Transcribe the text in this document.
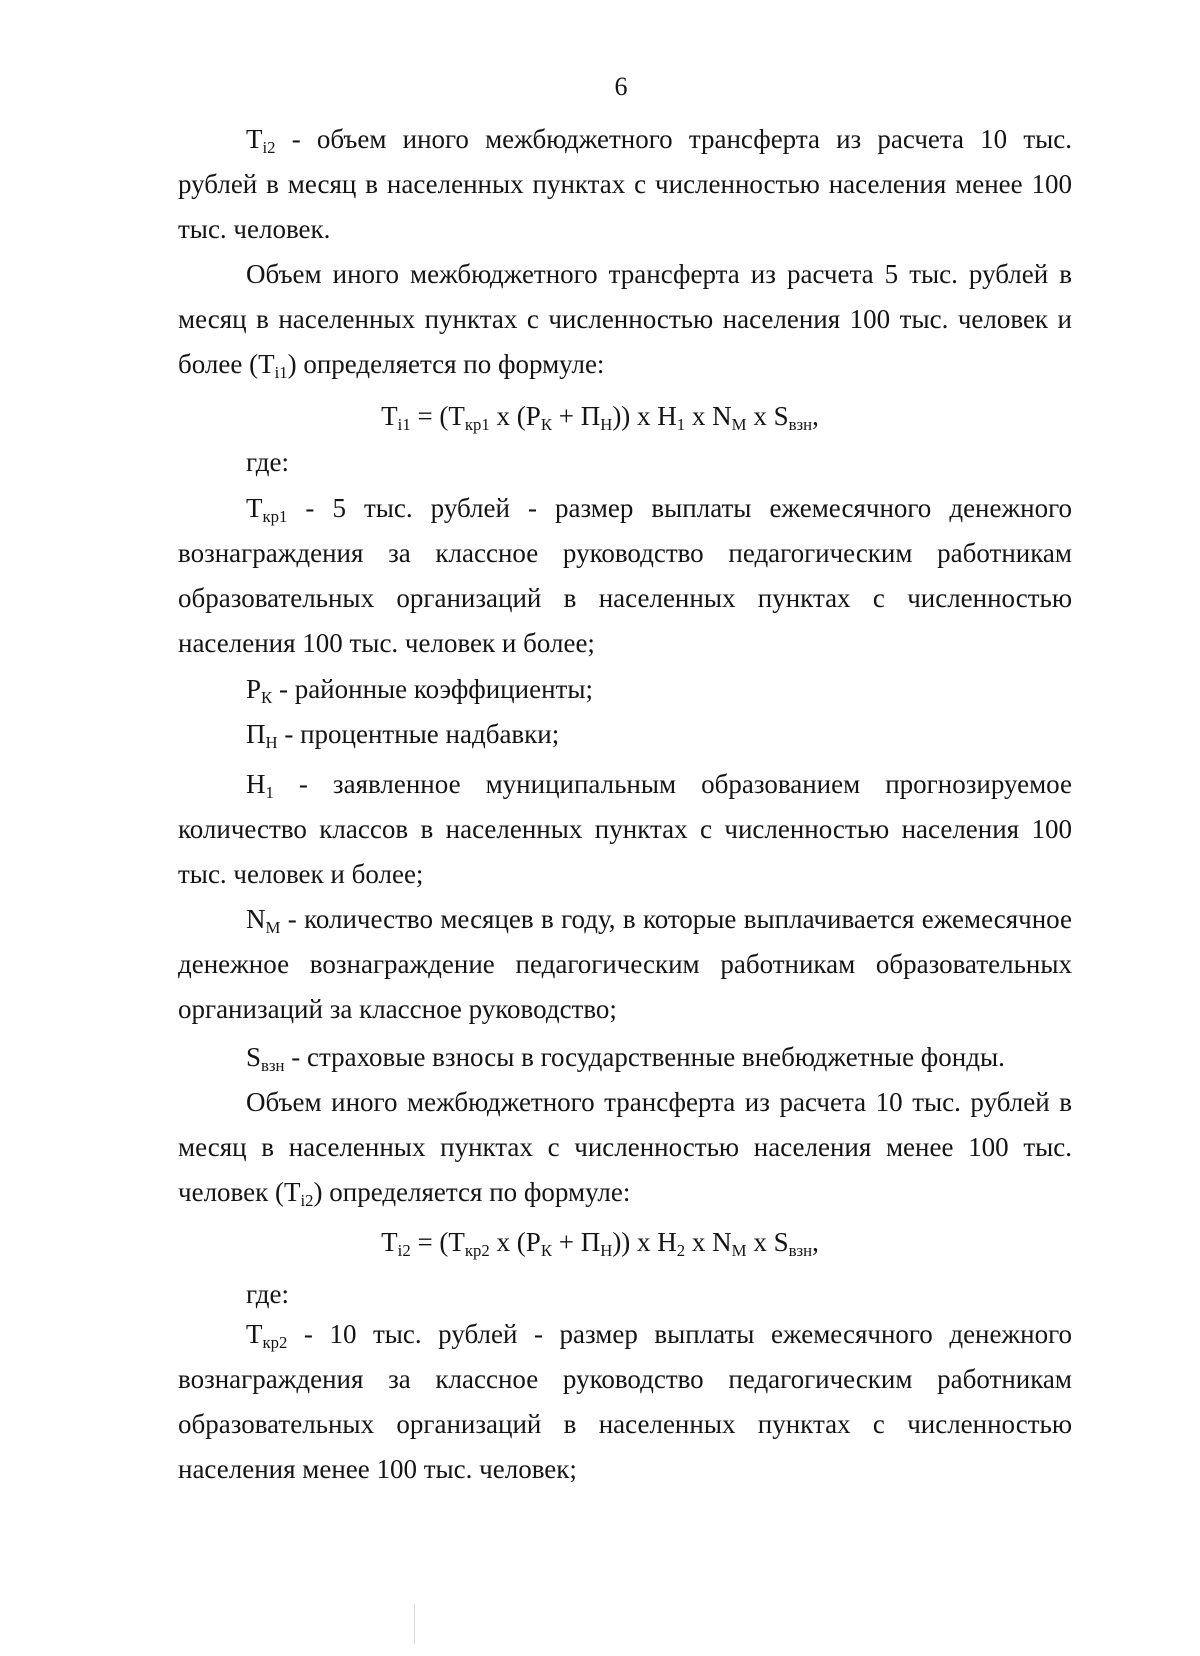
6

$T_{i2}$ - объем иного межбюджетного трансферта из расчета 10 тыс. рублей в месяц в населенных пунктах с численностью населения менее 100 тыс. человек.

Объем иного межбюджетного трансферта из расчета 5 тыс. рублей в месяц в населенных пунктах с численностью населения 100 тыс. человек и более $(T_{i1})$ определяется по формуле:

$T_{i1} = (T_{кр1}$ x $(P_К + П_Н)$) x $H_1$ x $N_М$ x $S_{взн}$,

где:

$T_{кр1} - 5$ тыс. рублей - размер выплаты ежемесячного денежного вознаграждения за классное руководство педагогическим работникам образовательных организаций в населенных пунктах с численностью населения 100 тыс. человек и более;

$P_К$ - районные коэффициенты;

$П_Н$ - процентные надбавки;

$H_1$ - заявленное муниципальным образованием прогнозируемое количество классов в населенных пунктах с численностью населения 100 тыс. человек и более;

$N_М$ - количество месяцев в году, в которые выплачивается ежемесячное денежное вознаграждение педагогическим работникам образовательных организаций за классное руководство;

$S_{взн}$ - страховые взносы в государственные внебюджетные фонды.

Объем иного межбюджетного трансферта из расчета 10 тыс. рублей в месяц в населенных пунктах с численностью населения менее 100 тыс. человек $(T_{i2})$ определяется по формуле:

$T_{i2} = (T_{кр2}$ x $(P_К + П_Н)$) x $H_2$ x $N_М$ x $S_{взн}$,

где:

$T_{кр2} - 10$ тыс. рублей - размер выплаты ежемесячного денежного вознаграждения за классное руководство педагогическим работникам образовательных организаций в населенных пунктах с численностью населения менее 100 тыс. человек;
